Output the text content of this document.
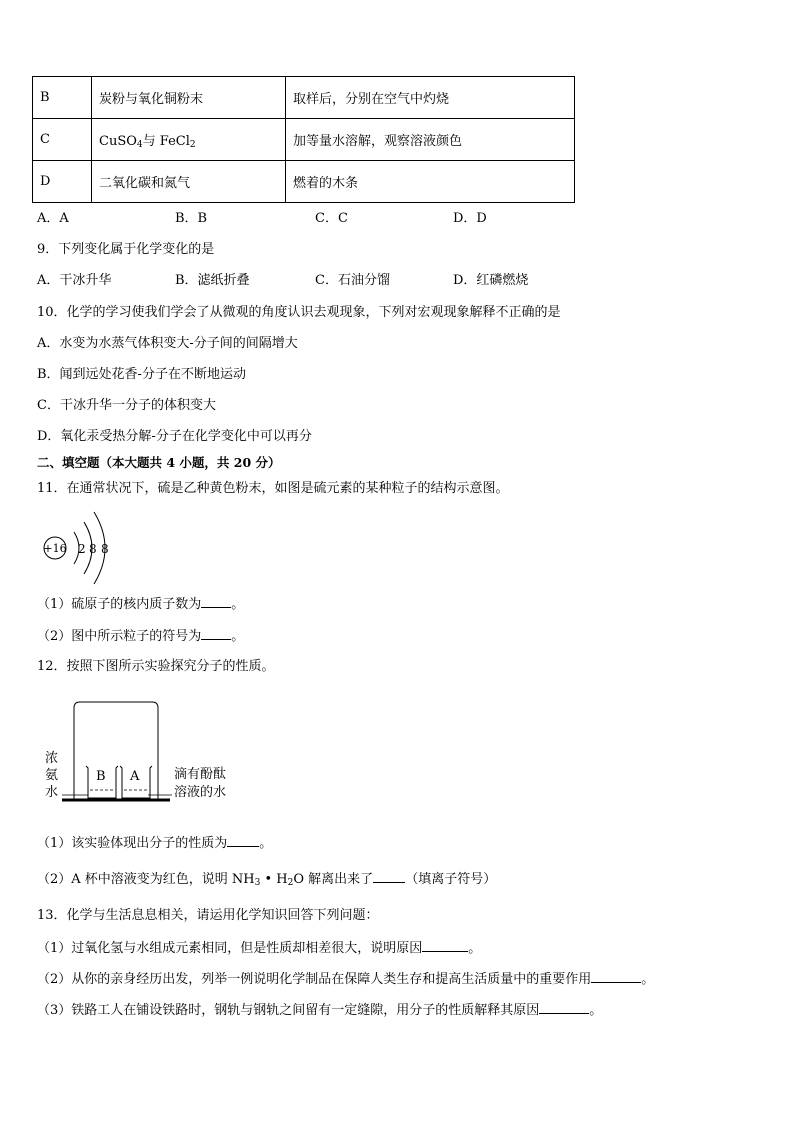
B	炭粉与氧化铜粉末	取样后，分别在空气中灼烧
C	CuSO$_4$与 FeCl$_2$	加等量水溶解，观察溶液颜色
D	二氧化碳和氮气	燃着的木条
A．A	B．B	C．C	D．D
9．下列变化属于化学变化的是
A．干冰升华	B．滤纸折叠	C．石油分馏	D．红磷燃烧
10．化学的学习使我们学会了从微观的角度认识去观现象，下列对宏观现象解释不正确的是
A．水变为水蒸气体积变大-分子间的间隔增大
B．闻到远处花香-分子在不断地运动
C．干冰升华一分子的体积变大
D．氧化汞受热分解-分子在化学变化中可以再分
二、填空题（本大题共 4 小题，共 20 分）
11．在通常状况下，硫是乙种黄色粉末，如图是硫元素的某种粒子的结构示意图。
+16 2 8 8
（1）硫原子的核内质子数为 。
（2）图中所示粒子的符号为 。
12．按照下图所示实验探究分子的性质。
B A
浓
氨
水
滴有酚酞
溶液的水
（1）该实验体现出分子的性质为 。
（2）A 杯中溶液变为红色，说明 $NH_3$ • $H_2O$ 解离出来了 （填离子符号）
13．化学与生活息息相关，请运用化学知识回答下列问题：
（1）过氧化氢与水组成元素相同，但是性质却相差很大，说明原因	。
（2）从你的亲身经历出发，列举一例说明化学制品在保障人类生存和提高生活质量中的重要作用	。
（3）铁路工人在铺设铁路时，钢轨与钢轨之间留有一定缝隙，用分子的性质解释其原因	。
